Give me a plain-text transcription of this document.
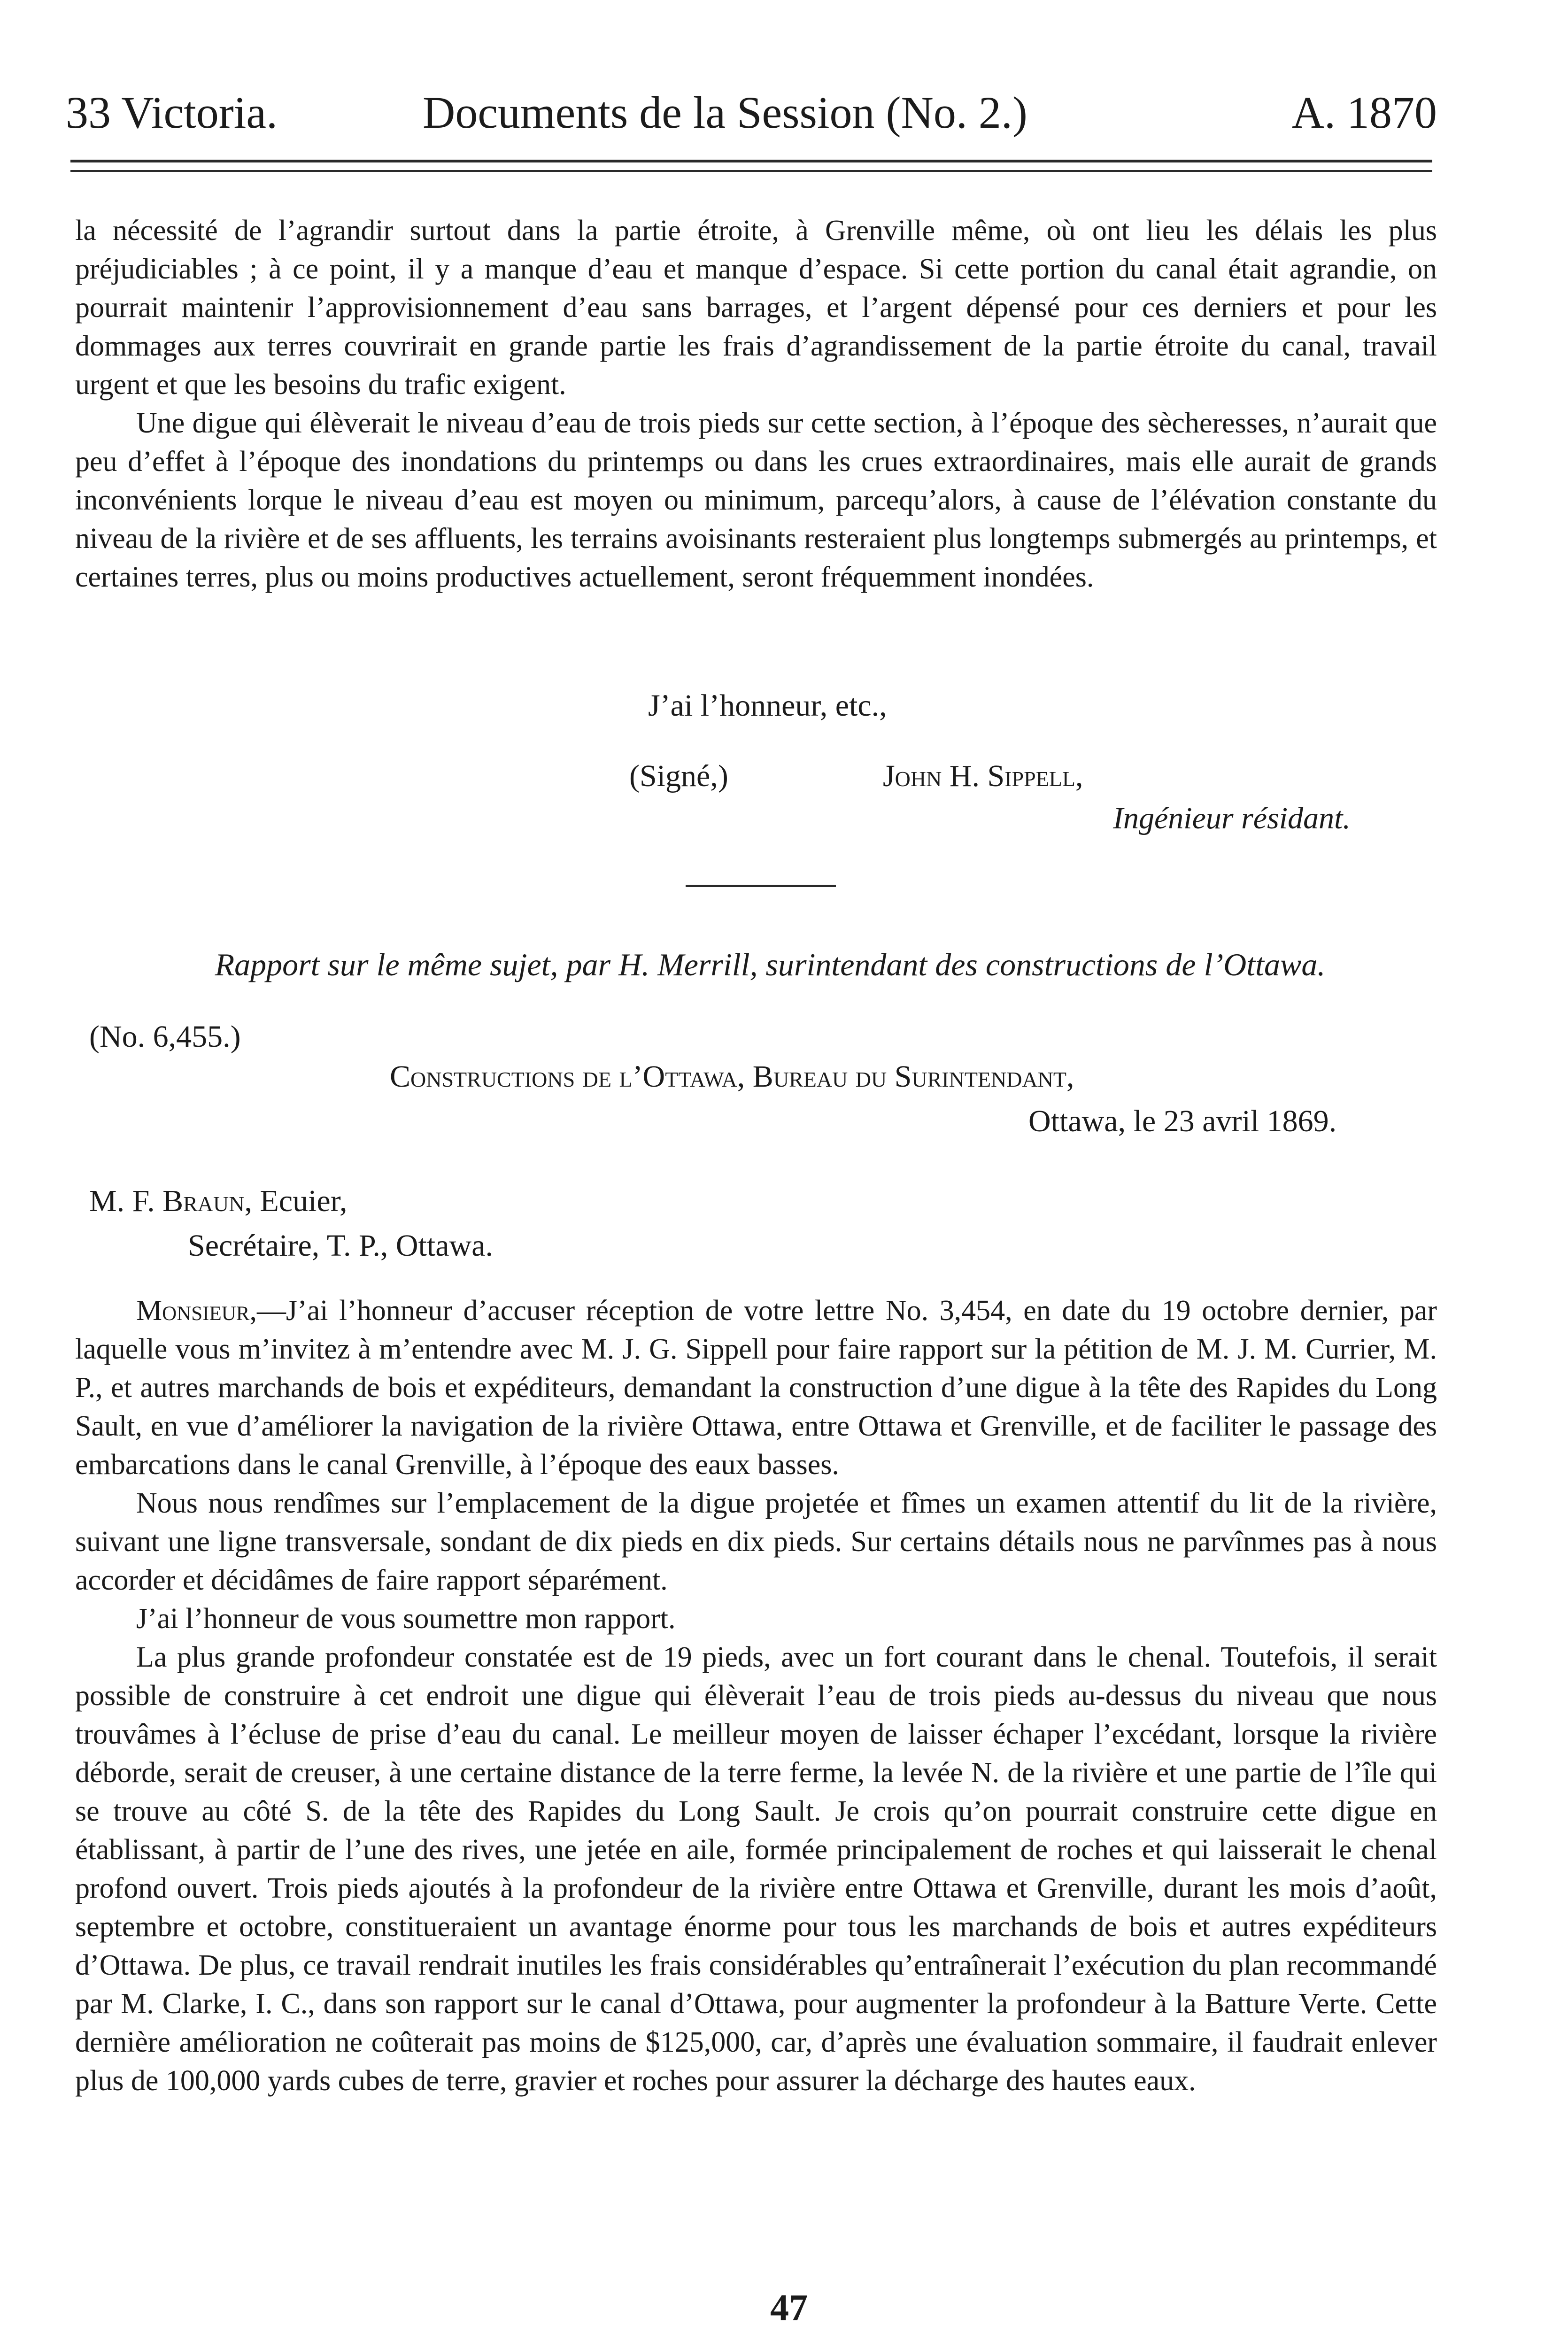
33 Victoria.	Documents de la Session (No. 2.)	A. 1870

la nécessité de l’agrandir surtout dans la partie étroite, à Grenville même, où ont lieu les délais les plus préjudiciables ; à ce point, il y a manque d’eau et manque d’espace. Si cette portion du canal était agrandie, on pourrait maintenir l’approvisionnement d’eau sans barrages, et l’argent dépensé pour ces derniers et pour les dommages aux terres couvrirait en grande partie les frais d’agrandissement de la partie étroite du canal, travail urgent et que les besoins du trafic exigent.

Une digue qui élèverait le niveau d’eau de trois pieds sur cette section, à l’époque des sècheresses, n’aurait que peu d’effet à l’époque des inondations du printemps ou dans les crues extraordinaires, mais elle aurait de grands inconvénients lorque le niveau d’eau est moyen ou minimum, parcequ’alors, à cause de l’élévation constante du niveau de la rivière et de ses affluents, les terrains avoisinants resteraient plus longtemps submergés au printemps, et certaines terres, plus ou moins productives actuellement, seront fréquemment inondées.

J’ai l’honneur, etc.,
(Signé,)	John H. Sippell,
Ingénieur résidant.
Rapport sur le même sujet, par H. Merrill, surintendant des constructions de l’Ottawa.
(No. 6,455.)
Constructions de l’Ottawa, Bureau du Surintendant,
Ottawa, le 23 avril 1869.
M. F. Braun, Ecuier,
Secrétaire, T. P., Ottawa.

Monsieur,—J’ai l’honneur d’accuser réception de votre lettre No. 3,454, en date du 19 octobre dernier, par laquelle vous m’invitez à m’entendre avec M. J. G. Sippell pour faire rapport sur la pétition de M. J. M. Currier, M. P., et autres marchands de bois et expéditeurs, demandant la construction d’une digue à la tête des Rapides du Long Sault, en vue d’améliorer la navigation de la rivière Ottawa, entre Ottawa et Grenville, et de faciliter le passage des embarcations dans le canal Grenville, à l’époque des eaux basses.

Nous nous rendîmes sur l’emplacement de la digue projetée et fîmes un examen attentif du lit de la rivière, suivant une ligne transversale, sondant de dix pieds en dix pieds. Sur certains détails nous ne parvînmes pas à nous accorder et décidâmes de faire rapport séparément.

J’ai l’honneur de vous soumettre mon rapport.

La plus grande profondeur constatée est de 19 pieds, avec un fort courant dans le chenal. Toutefois, il serait possible de construire à cet endroit une digue qui élèverait l’eau de trois pieds au-dessus du niveau que nous trouvâmes à l’écluse de prise d’eau du canal. Le meilleur moyen de laisser échaper l’excédant, lorsque la rivière déborde, serait de creuser, à une certaine distance de la terre ferme, la levée N. de la rivière et une partie de l’île qui se trouve au côté S. de la tête des Rapides du Long Sault. Je crois qu’on pourrait construire cette digue en établissant, à partir de l’une des rives, une jetée en aile, formée principalement de roches et qui laisserait le chenal profond ouvert. Trois pieds ajoutés à la profondeur de la rivière entre Ottawa et Grenville, durant les mois d’août, septembre et octobre, constitueraient un avantage énorme pour tous les marchands de bois et autres expéditeurs d’Ottawa. De plus, ce travail rendrait inutiles les frais considérables qu’entraînerait l’exécution du plan recommandé par M. Clarke, I. C., dans son rapport sur le canal d’Ottawa, pour augmenter la profondeur à la Batture Verte. Cette dernière amélioration ne coûterait pas moins de $125,000, car, d’après une évaluation sommaire, il faudrait enlever plus de 100,000 yards cubes de terre, gravier et roches pour assurer la décharge des hautes eaux.

47
